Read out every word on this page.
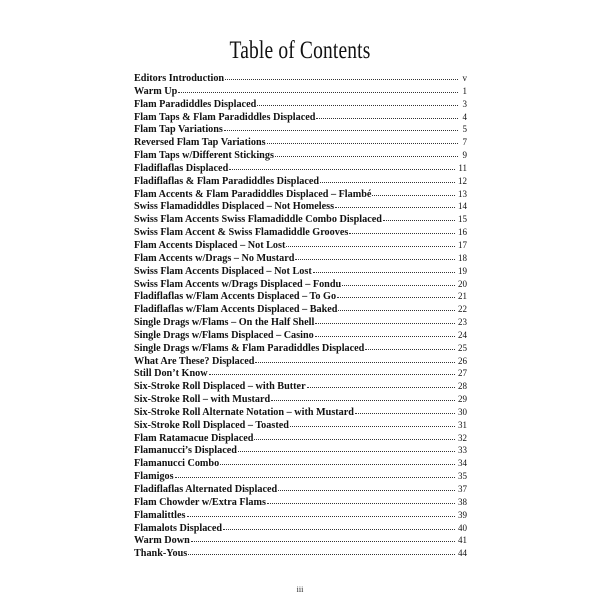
Table of Contents
Editors Introduction	v
Warm Up	1
Flam Paradiddles Displaced	3
Flam Taps & Flam Paradiddles Displaced	4
Flam Tap Variations	5
Reversed Flam Tap Variations	7
Flam Taps w/Different Stickings	9
Fladiflaflas Displaced	11
Fladiflaflas & Flam Paradiddles Displaced	12
Flam Accents & Flam Paradiddles Displaced – Flambé	13
Swiss Flamadiddles Displaced – Not Homeless	14
Swiss Flam Accents Swiss Flamadiddle Combo Displaced	15
Swiss Flam Accent & Swiss Flamadiddle Grooves	16
Flam Accents Displaced – Not Lost	17
Flam Accents w/Drags – No Mustard	18
Swiss Flam Accents Displaced – Not Lost	19
Swiss Flam Accents w/Drags Displaced – Fondu	20
Fladiflaflas w/Flam Accents Displaced – To Go	21
Fladiflaflas w/Flam Accents Displaced – Baked	22
Single Drags w/Flams – On the Half Shell	23
Single Drags w/Flams Displaced – Casino	24
Single Drags w/Flams & Flam Paradiddles Displaced	25
What Are These? Displaced	26
Still Don’t Know	27
Six-Stroke Roll Displaced – with Butter	28
Six-Stroke Roll – with Mustard	29
Six-Stroke Roll Alternate Notation – with Mustard	30
Six-Stroke Roll Displaced – Toasted	31
Flam Ratamacue Displaced	32
Flamanucci’s Displaced	33
Flamanucci Combo	34
Flamigos	35
Fladiflaflas Alternated Displaced	37
Flam Chowder w/Extra Flams	38
Flamalittles	39
Flamalots Displaced	40
Warm Down	41
Thank-Yous	44
iii
